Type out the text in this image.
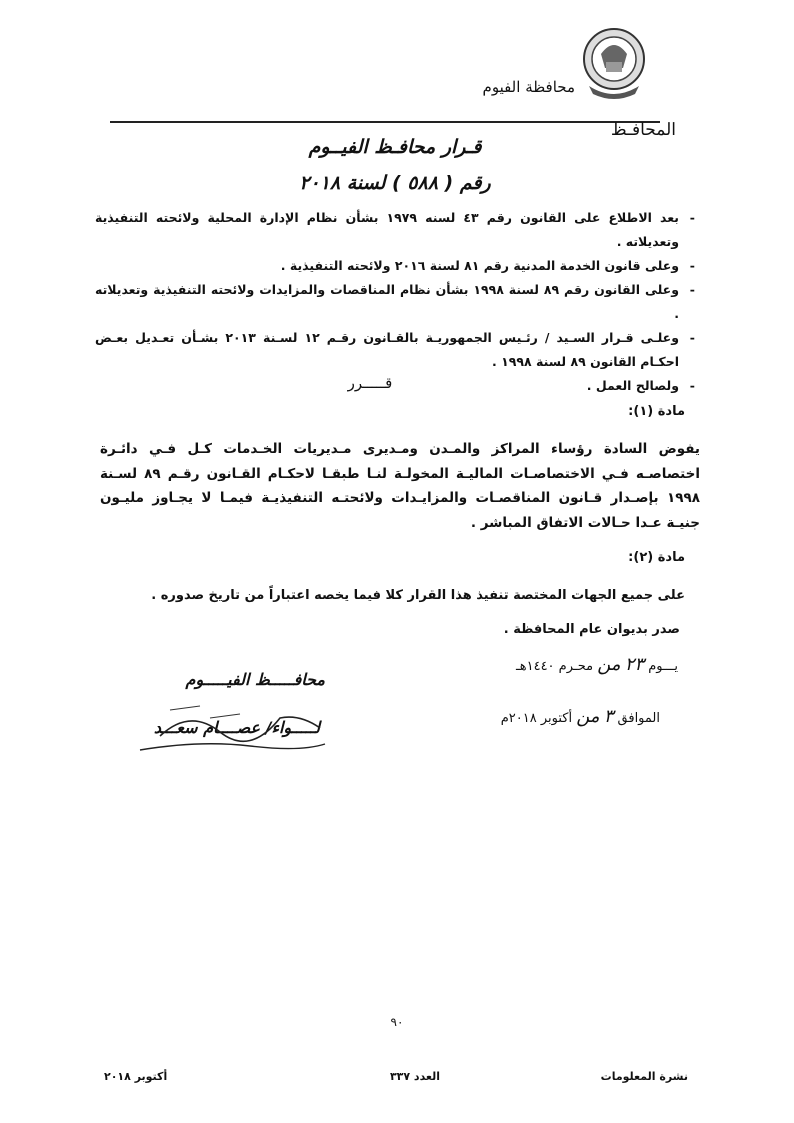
محافظة الفيوم
المحافـظ
قـرار محافـظ الفيــوم
رقم ( ٥٨٨ ) لسنة ٢٠١٨
-
بعد الاطلاع على القانون رقم ٤٣ لسنه ١٩٧٩ بشأن نظام الإدارة المحلية ولائحته التنفيذية وتعديلاته .
-
وعلى قانون الخدمة المدنية رقم ٨١ لسنة ٢٠١٦ ولائحته التنفيذية .
-
وعلى القانون رقم ٨٩ لسنة ١٩٩٨ بشأن نظام المناقصات والمزايدات ولائحته التنفيذية وتعديلاته .
-
وعلـى قـرار السـيد / رئـيس الجمهوريـة بالقـانون رقـم ١٢ لسـنة ٢٠١٣ بشـأن تعـديل بعـض احكـام القانون ٨٩ لسنة ١٩٩٨ .
-
ولصالح العمل .
قـــــرر
مادة (١):
يفوض السادة رؤساء المراكز والمـدن ومـديرى مـديريات الخـدمات كـل فـي دائـرة اختصاصـه فـي الاختصاصـات الماليـة المخولـة لنـا طبقـا لاحكـام القـانون رقـم ٨٩ لسـنة ١٩٩٨ بإصـدار قـانون المناقصـات والمزايـدات ولائحتـه التنفيذيـة فيمـا لا يجـاوز مليـون جنيـة عـدا حـالات الاتفاق المباشر .
مادة (٢):
على جميع الجهات المختصة تنفيذ هذا القرار كلا فيما يخصه اعتباراً من تاريخ صدوره .
صدر بديوان عام المحافظة .
يـــوم ٢٣ من محـرم ١٤٤٠هـ
الموافق ٣ من أكتوبر ٢٠١٨م
محافـــــظ الفيـــــوم
لـــــواء/ عصــــام سعـــد
٩٠
نشرة المعلومات
العدد ٣٣٧
أكتوبر ٢٠١٨
